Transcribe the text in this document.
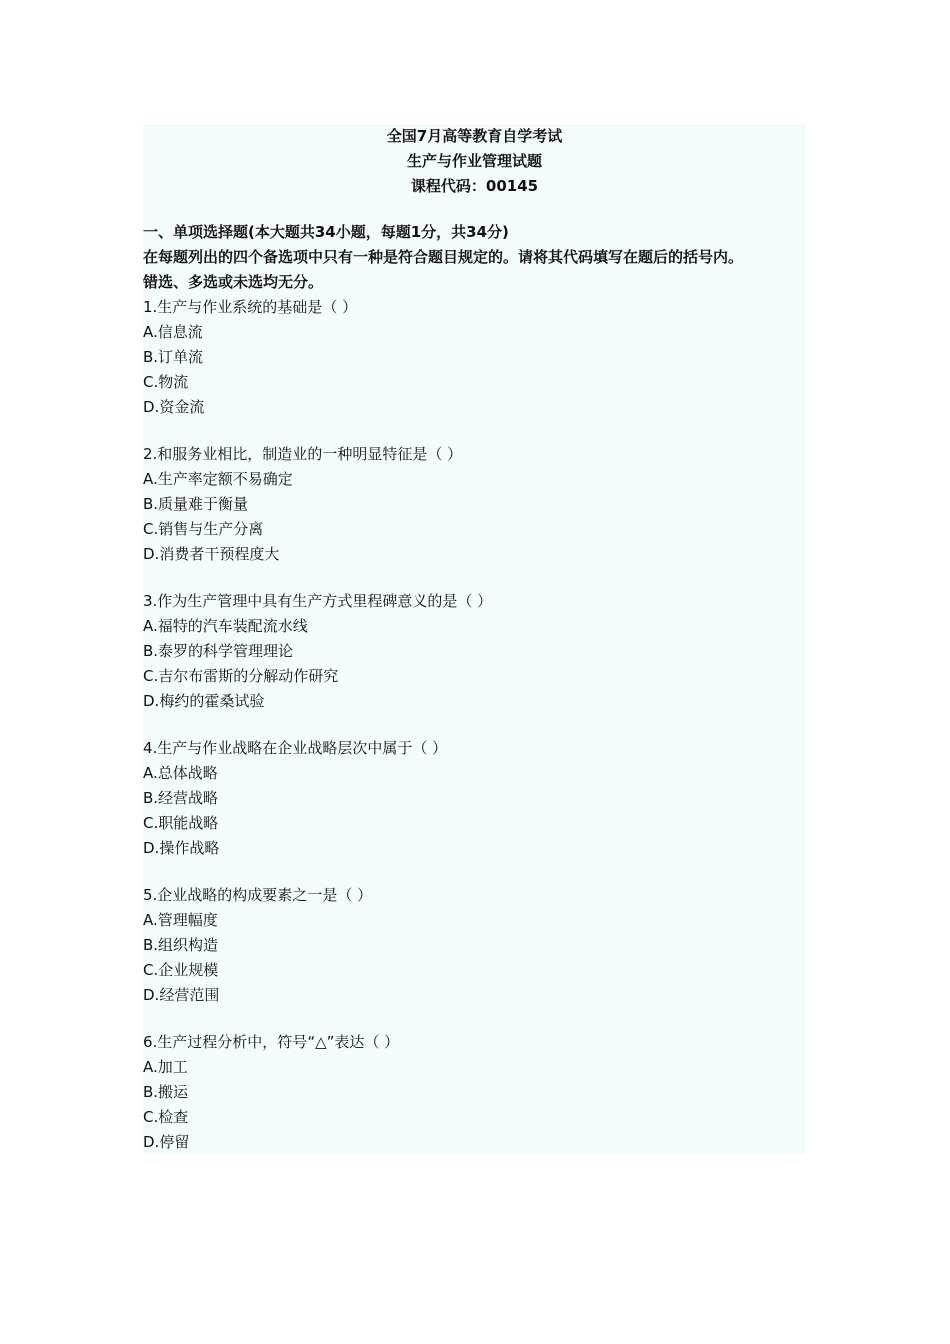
全国7月高等教育自学考试
生产与作业管理试题
课程代码：00145
一、单项选择题(本大题共34小题，每题1分，共34分)
在每题列出的四个备选项中只有一种是符合题目规定的。请将其代码填写在题后的括号内。
错选、多选或未选均无分。
1.生产与作业系统的基础是（ ）
A.信息流
B.订单流
C.物流
D.资金流
2.和服务业相比，制造业的一种明显特征是（ ）
A.生产率定额不易确定
B.质量难于衡量
C.销售与生产分离
D.消费者干预程度大
3.作为生产管理中具有生产方式里程碑意义的是（ ）
A.福特的汽车装配流水线
B.泰罗的科学管理理论
C.吉尔布雷斯的分解动作研究
D.梅约的霍桑试验
4.生产与作业战略在企业战略层次中属于（ ）
A.总体战略
B.经营战略
C.职能战略
D.操作战略
5.企业战略的构成要素之一是（ ）
A.管理幅度
B.组织构造
C.企业规模
D.经营范围
6.生产过程分析中，符号“△”表达（ ）
A.加工
B.搬运
C.检查
D.停留
